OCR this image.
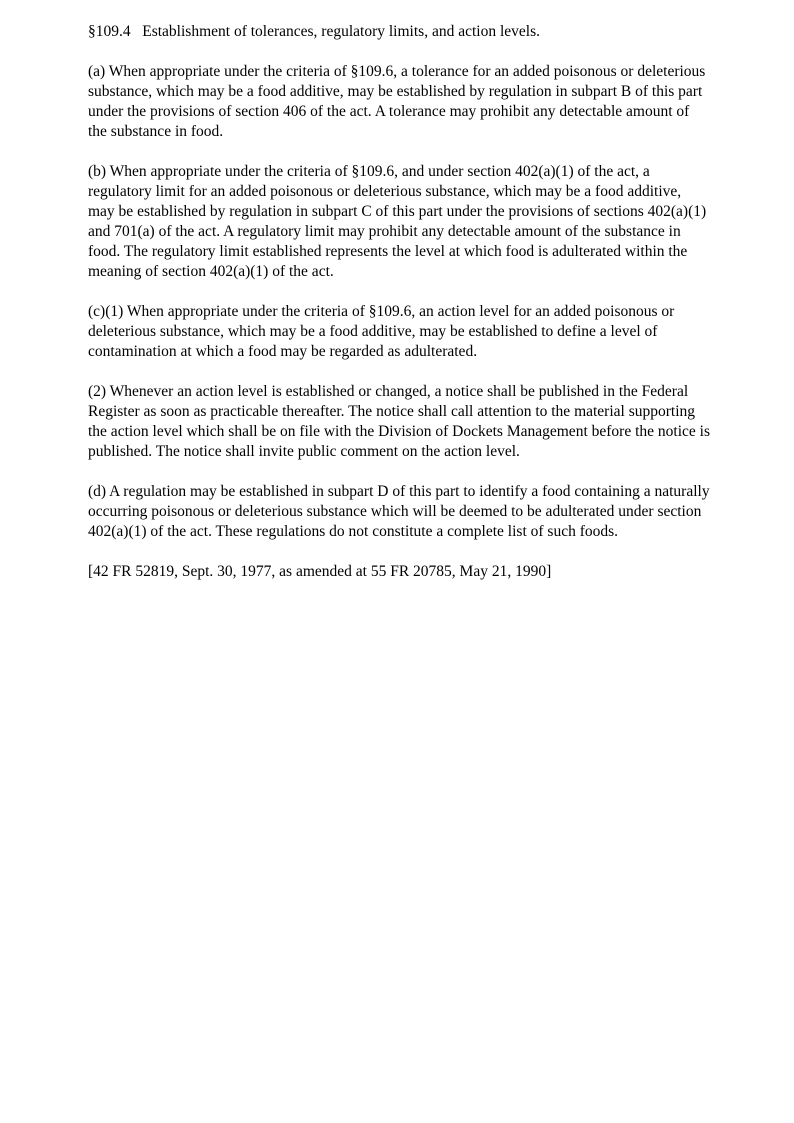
§109.4   Establishment of tolerances, regulatory limits, and action levels.

(a) When appropriate under the criteria of §109.6, a tolerance for an added poisonous or deleterious substance, which may be a food additive, may be established by regulation in subpart B of this part under the provisions of section 406 of the act. A tolerance may prohibit any detectable amount of the substance in food.

(b) When appropriate under the criteria of §109.6, and under section 402(a)(1) of the act, a regulatory limit for an added poisonous or deleterious substance, which may be a food additive, may be established by regulation in subpart C of this part under the provisions of sections 402(a)(1) and 701(a) of the act. A regulatory limit may prohibit any detectable amount of the substance in food. The regulatory limit established represents the level at which food is adulterated within the meaning of section 402(a)(1) of the act.

(c)(1) When appropriate under the criteria of §109.6, an action level for an added poisonous or deleterious substance, which may be a food additive, may be established to define a level of contamination at which a food may be regarded as adulterated.

(2) Whenever an action level is established or changed, a notice shall be published in the Federal Register as soon as practicable thereafter. The notice shall call attention to the material supporting the action level which shall be on file with the Division of Dockets Management before the notice is published. The notice shall invite public comment on the action level.

(d) A regulation may be established in subpart D of this part to identify a food containing a naturally occurring poisonous or deleterious substance which will be deemed to be adulterated under section 402(a)(1) of the act. These regulations do not constitute a complete list of such foods.

[42 FR 52819, Sept. 30, 1977, as amended at 55 FR 20785, May 21, 1990]
